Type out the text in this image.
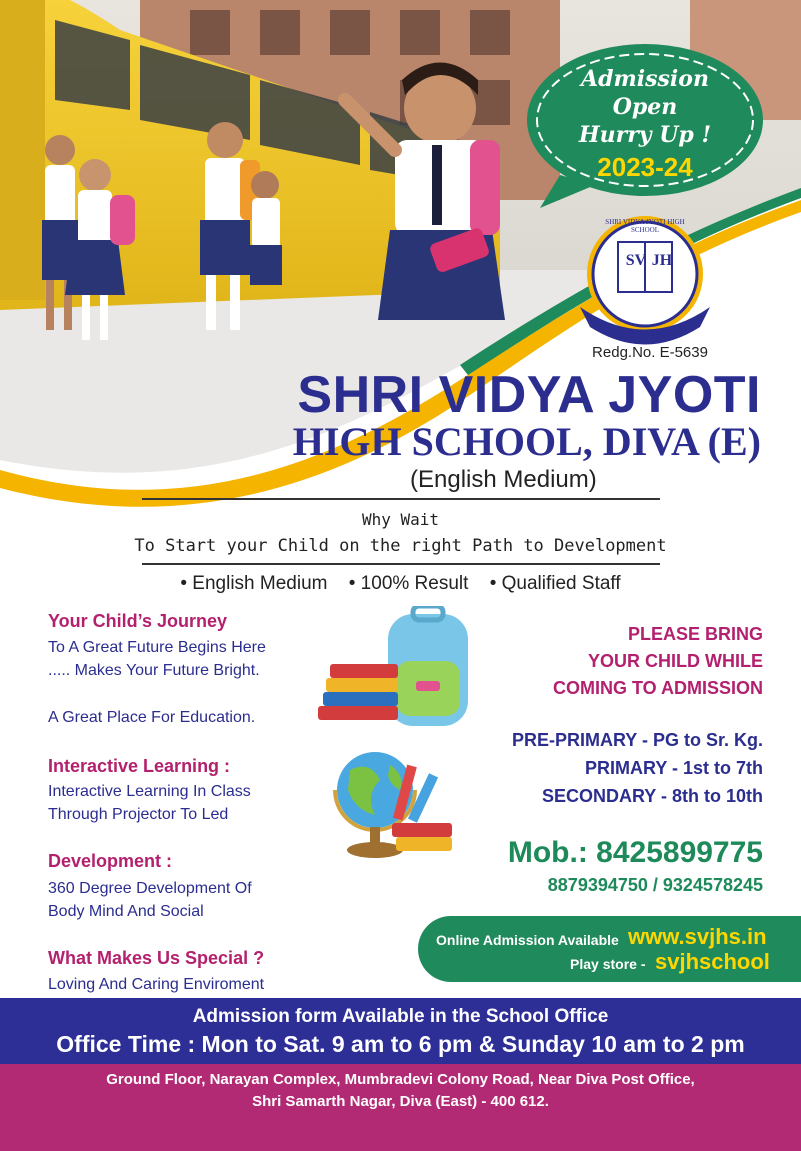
Admission
Open
Hurry Up !
2023-24
SHRI VIDYA JYOTI HIGH SCHOOL
SV JH
DIVA(E)
Redg.No. E-5639
SHRI VIDYA JYOTI
HIGH SCHOOL, DIVA (E)
(English Medium)
Why Wait
To Start your Child on the right Path to Development
• English Medium • 100% Result • Qualified Staff
Your Child’s Journey
To A Great Future Begins Here
..... Makes Your Future Bright.
A Great Place For Education.
Interactive Learning :
Interactive Learning In Class
Through Projector To Led
Development :
360 Degree Development Of
Body Mind And Social
What Makes Us Special ?
Loving And Caring Enviroment
PLEASE BRING
YOUR CHILD WHILE
COMING TO ADMISSION
PRE-PRIMARY - PG to Sr. Kg.
PRIMARY - 1st to 7th
SECONDARY - 8th to 10th
Mob.: 8425899775
8879394750 / 9324578245
Online Admission Available www.svjhs.in
Play store - svjhschool
Admission form Available in the School Office
Office Time : Mon to Sat. 9 am to 6 pm & Sunday 10 am to 2 pm
Ground Floor, Narayan Complex, Mumbradevi Colony Road, Near Diva Post Office,
Shri Samarth Nagar, Diva (East) - 400 612.
